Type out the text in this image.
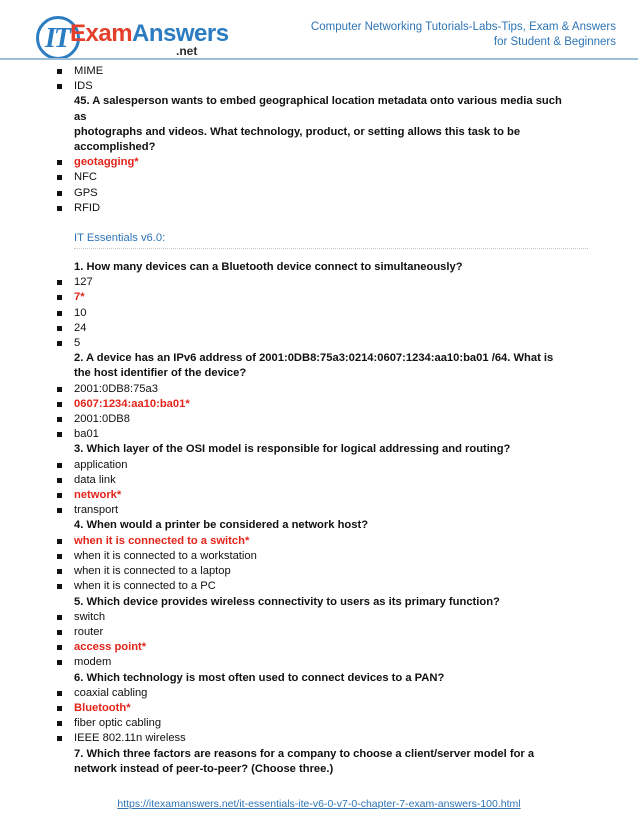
IT ExamAnswers
.net
Computer Networking Tutorials-Labs-Tips, Exam & Answers
for Student & Beginners
MIME
IDS
45. A salesperson wants to embed geographical location metadata onto various media such as
photographs and videos. What technology, product, or setting allows this task to be
accomplished?
geotagging*
NFC
GPS
RFID
IT Essentials v6.0:
1. How many devices can a Bluetooth device connect to simultaneously?
127
7*
10
24
5
2. A device has an IPv6 address of 2001:0DB8:75a3:0214:0607:1234:aa10:ba01 /64. What is
the host identifier of the device?
2001:0DB8:75a3
0607:1234:aa10:ba01*
2001:0DB8
ba01
3. Which layer of the OSI model is responsible for logical addressing and routing?
application
data link
network*
transport
4. When would a printer be considered a network host?
when it is connected to a switch*
when it is connected to a workstation
when it is connected to a laptop
when it is connected to a PC
5. Which device provides wireless connectivity to users as its primary function?
switch
router
access point*
modem
6. Which technology is most often used to connect devices to a PAN?
coaxial cabling
Bluetooth*
fiber optic cabling
IEEE 802.11n wireless
7. Which three factors are reasons for a company to choose a client/server model for a
network instead of peer-to-peer? (Choose three.)
https://itexamanswers.net/it-essentials-ite-v6-0-v7-0-chapter-7-exam-answers-100.html
